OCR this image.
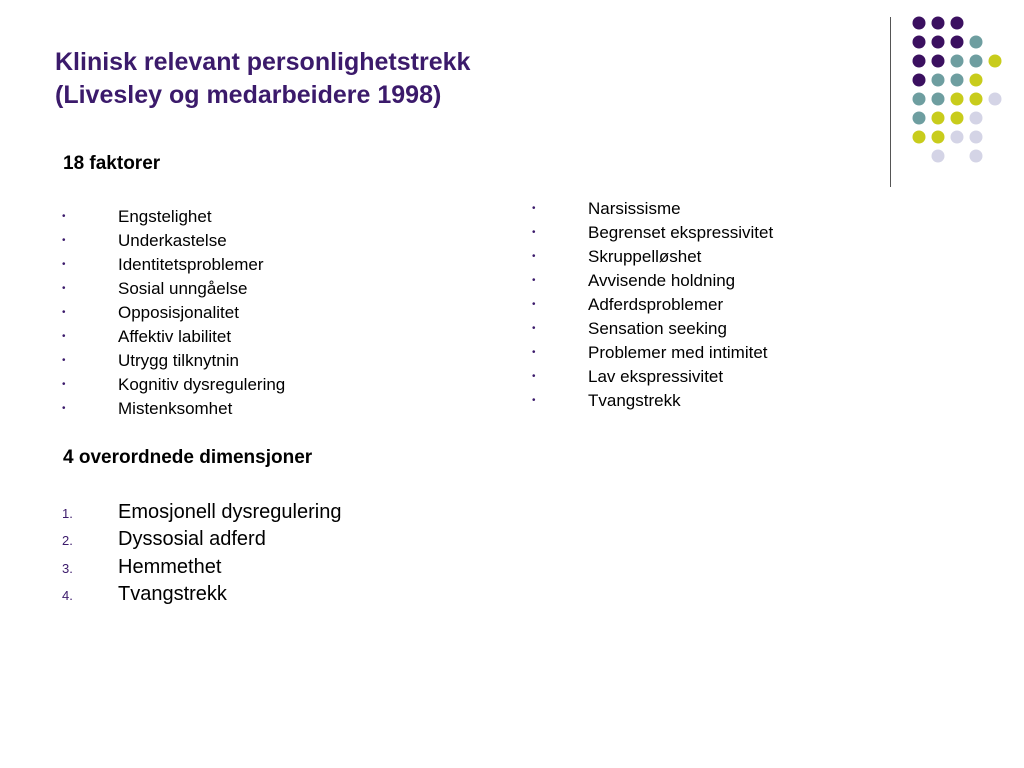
Klinisk relevant personlighetstrekk
(Livesley og medarbeidere 1998)
18 faktorer
•	Engstelighet
•	Underkastelse
•	Identitetsproblemer
•	Sosial unngåelse
•	Opposisjonalitet
•	Affektiv labilitet
•	Utrygg tilknytnin
•	Kognitiv dysregulering
•	Mistenksomhet
•	Narsissisme
•	Begrenset ekspressivitet
•	Skruppelløshet
•	Avvisende holdning
•	Adferdsproblemer
•	Sensation seeking
•	Problemer med intimitet
•	Lav ekspressivitet
•	Tvangstrekk
4 overordnede dimensjoner
1. Emosjonell dysregulering
2. Dyssosial adferd
3. Hemmethet
4. Tvangstrekk
